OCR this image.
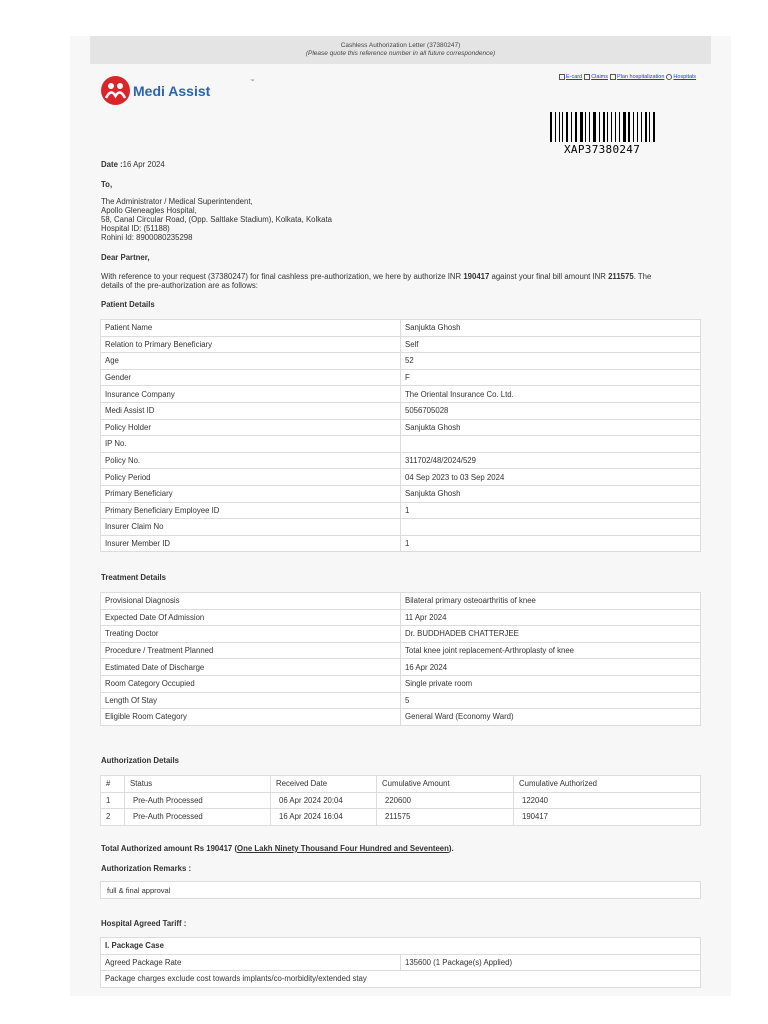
Cashless Authorization Letter (37380247)
(Please quote this reference number in all future correspondence)
Medi Assist
™
E-card Claims Plan hospitalization Hospitals
XAP37380247
Date :16 Apr 2024
To,
The Administrator / Medical Superintendent,
Apollo Gleneagles Hospital,
58, Canal Circular Road, (Opp. Saltlake Stadium), Kolkata, Kolkata
Hospital ID: (51188)
Rohini Id: 8900080235298
Dear Partner,
With reference to your request (37380247) for final cashless pre-authorization, we here by authorize INR 190417 against your final bill amount INR 211575. The
details of the pre-authorization are as follows:
Patient Details
Patient Name	Sanjukta Ghosh
Relation to Primary Beneficiary	Self
Age	52
Gender	F
Insurance Company	The Oriental Insurance Co. Ltd.
Medi Assist ID	5056705028
Policy Holder	Sanjukta Ghosh
IP No.	
Policy No.	311702/48/2024/529
Policy Period	04 Sep 2023 to 03 Sep 2024
Primary Beneficiary	Sanjukta Ghosh
Primary Beneficiary Employee ID	1
Insurer Claim No	
Insurer Member ID	1
Treatment Details
Provisional Diagnosis	Bilateral primary osteoarthritis of knee
Expected Date Of Admission	11 Apr 2024
Treating Doctor	Dr. BUDDHADEB CHATTERJEE
Procedure / Treatment Planned	Total knee joint replacement-Arthroplasty of knee
Estimated Date of Discharge	16 Apr 2024
Room Category Occupied	Single private room
Length Of Stay	5
Eligible Room Category	General Ward (Economy Ward)
Authorization Details
#	Status	Received Date	Cumulative Amount	Cumulative Authorized
1	Pre-Auth Processed	06 Apr 2024 20:04	220600	122040
2	Pre-Auth Processed	16 Apr 2024 16:04	211575	190417
Total Authorized amount Rs 190417 (One Lakh Ninety Thousand Four Hundred and Seventeen).
Authorization Remarks :
full & final approval
Hospital Agreed Tariff :
I. Package Case
Agreed Package Rate	135600 (1 Package(s) Applied)
Package charges exclude cost towards implants/co-morbidity/extended stay
